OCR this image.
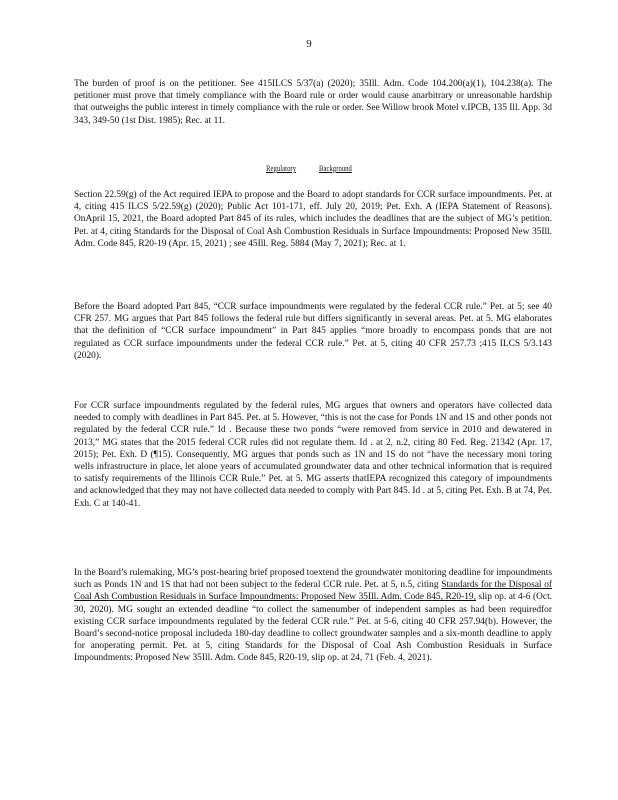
9

The burden of proof is on the petitioner. See 415ILCS 5/37(a) (2020); 35Ill. Adm. Code 104.200(a)(1), 104.238(a). The petitioner must prove that timely compliance with the Board rule or order would cause anarbitrary or unreasonable hardship that outweighs the public interest in timely compliance with the rule or order. See Willow brook Motel v.IPCB, 135 Ill. App. 3d 343, 349-50 (1st Dist. 1985); Rec. at 11.

Regulatory	Background

Section 22.59(g) of the Act required IEPA to propose and the Board to adopt standards for CCR surface impoundments. Pet. at 4, citing 415 ILCS 5/22.59(g) (2020); Public Act 101-171, eff. July 20, 2019; Pet. Exh. A (IEPA Statement of Reasons). OnApril 15, 2021, the Board adopted Part 845 of its rules, which includes the deadlines that are the subject of MG’s petition. Pet. at 4, citing Standards for the Disposal of Coal Ash Combustion Residuals in Surface Impoundments: Proposed New 35Ill. Adm. Code 845, R20-19 (Apr. 15, 2021) ; see 45Ill. Reg. 5884 (May 7, 2021); Rec. at 1.

Before the Board adopted Part 845, “CCR surface impoundments were regulated by the federal CCR rule.” Pet. at 5; see 40 CFR 257. MG argues that Part 845 follows the federal rule but differs significantly in several areas. Pet. at 5. MG elaborates that the definition of “CCR surface impoundment” in Part 845 applies “more broadly to encompass ponds that are not regulated as CCR surface impoundments under the federal CCR rule.” Pet. at 5, citing 40 CFR 257.73 ;415 ILCS 5/3.143 (2020).

For CCR surface impoundments regulated by the federal rules, MG argues that owners and operators have collected data needed to comply with deadlines in Part 845. Pet. at 5. However, “this is not the case for Ponds 1N and 1S and other ponds not regulated by the federal CCR rule.” Id . Because these two ponds “were removed from service in 2010 and dewatered in 2013,” MG states that the 2015 federal CCR rules did not regulate them. Id . at 2, n.2, citing 80 Fed. Reg. 21342 (Apr. 17, 2015); Pet. Exh. D (¶15). Consequently, MG argues that ponds such as 1N and 1S do not “have the necessary moni toring wells infrastructure in place, let alone years of accumulated groundwater data and other technical information that is required to satisfy requirements of the Illinois CCR Rule.” Pet. at 5. MG asserts thatIEPA recognized this category of impoundments and acknowledged that they may not have collected data needed to comply with Part 845. Id . at 5, citing Pet. Exh. B at 74, Pet. Exh. C at 140-41.

In the Board’s rulemaking, MG’s post-hearing brief proposed toextend the groundwater monitoring deadline for impoundments such as Ponds 1N and 1S that had not been subject to the federal CCR rule. Pet. at 5, n.5, citing Standards for the Disposal of Coal Ash Combustion Residuals in Surface Impoundments: Proposed New 35Ill. Adm. Code 845, R20-19, slip op. at 4-6 (Oct. 30, 2020). MG sought an extended deadline “to collect the samenumber of independent samples as had been requiredfor existing CCR surface impoundments regulated by the federal CCR rule.” Pet. at 5-6, citing 40 CFR 257.94(b). However, the Board’s second-notice proposal includeda 180-day deadline to collect groundwater samples and a six-month deadline to apply for anoperating permit. Pet. at 5, citing Standards for the Disposal of Coal Ash Combustion Residuals in Surface Impoundments: Proposed New 35Ill. Adm. Code 845, R20-19, slip op. at 24, 71 (Feb. 4, 2021).
